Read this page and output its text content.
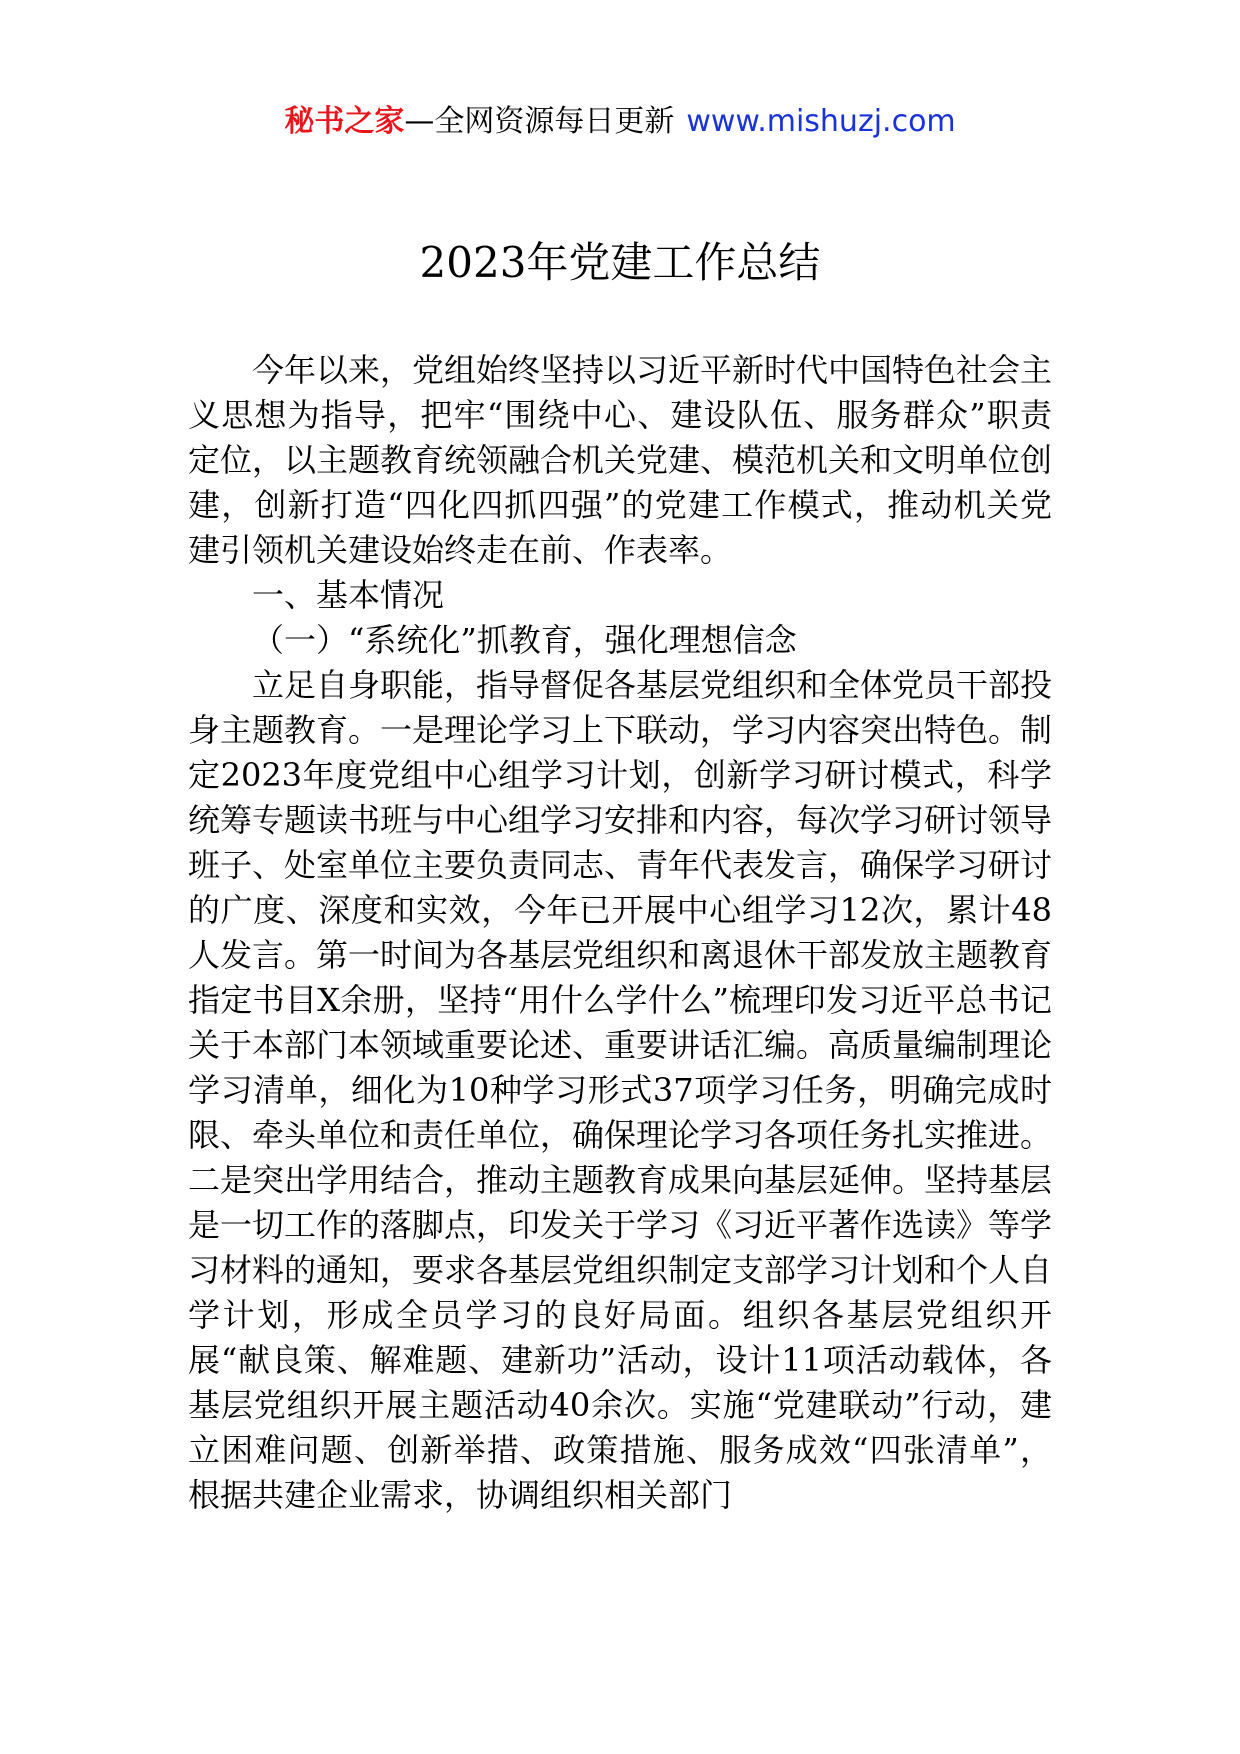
秘书之家—全网资源每日更新 www.mishuzj.com
2023年党建工作总结

今年以来，党组始终坚持以习近平新时代中国特色社会主义思想为指导，把牢“围绕中心、建设队伍、服务群众”职责定位，以主题教育统领融合机关党建、模范机关和文明单位创建，创新打造“四化四抓四强”的党建工作模式，推动机关党建引领机关建设始终走在前、作表率。

一、基本情况

（一）“系统化”抓教育，强化理想信念

立足自身职能，指导督促各基层党组织和全体党员干部投身主题教育。一是理论学习上下联动，学习内容突出特色。制定2023年度党组中心组学习计划，创新学习研讨模式，科学统筹专题读书班与中心组学习安排和内容，每次学习研讨领导班子、处室单位主要负责同志、青年代表发言，确保学习研讨的广度、深度和实效，今年已开展中心组学习12次，累计48人发言。第一时间为各基层党组织和离退休干部发放主题教育指定书目X余册，坚持“用什么学什么”梳理印发习近平总书记关于本部门本领域重要论述、重要讲话汇编。高质量编制理论学习清单，细化为10种学习形式37项学习任务，明确完成时限、牵头单位和责任单位，确保理论学习各项任务扎实推进。二是突出学用结合，推动主题教育成果向基层延伸。坚持基层是一切工作的落脚点，印发关于学习《习近平著作选读》等学习材料的通知，要求各基层党组织制定支部学习计划和个人自学计划，形成全员学习的良好局面。组织各基层党组织开展“献良策、解难题、建新功”活动，设计11项活动载体，各基层党组织开展主题活动40余次。实施“党建联动”行动，建立困难问题、创新举措、政策措施、服务成效“四张清单”，根据共建企业需求，协调组织相关部门
